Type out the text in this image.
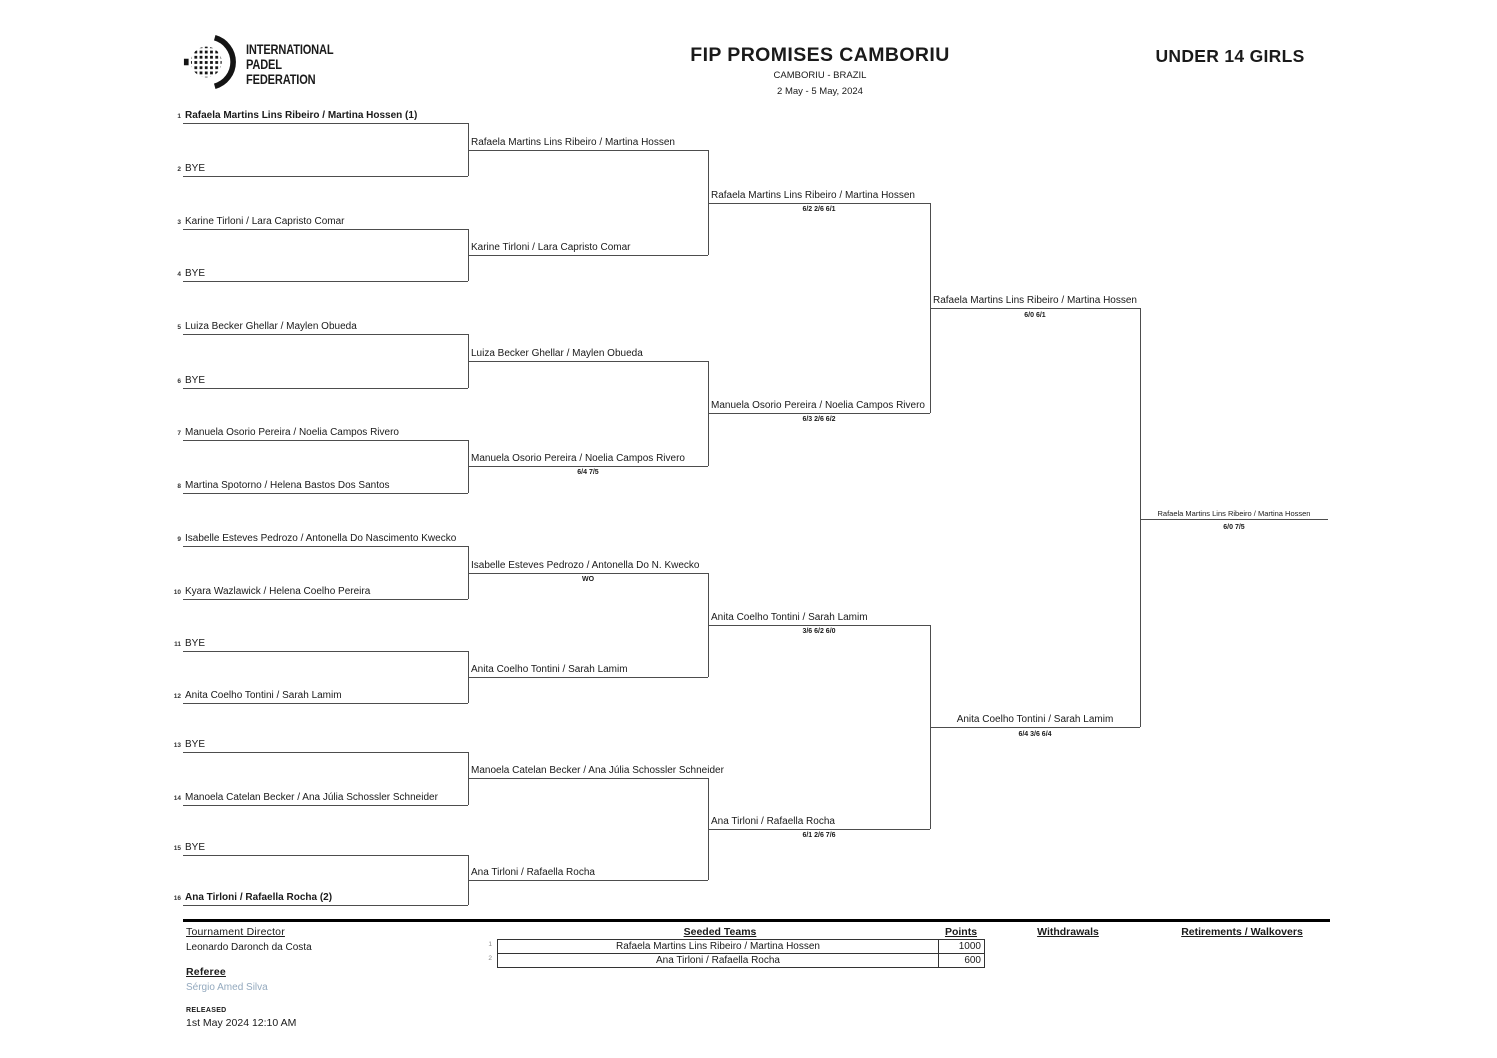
INTERNATIONAL
PADEL
FEDERATION
FIP PROMISES CAMBORIU
CAMBORIU - BRAZIL
2 May - 5 May, 2024
UNDER 14 GIRLS
1 Rafaela Martins Lins Ribeiro / Martina Hossen (1)
2 BYE
3 Karine Tirloni / Lara Capristo Comar
4 BYE
5 Luiza Becker Ghellar / Maylen Obueda
6 BYE
7 Manuela Osorio Pereira / Noelia Campos Rivero
8 Martina Spotorno / Helena Bastos Dos Santos
9 Isabelle Esteves Pedrozo / Antonella Do Nascimento Kwecko
10 Kyara Wazlawick / Helena Coelho Pereira
11 BYE
12 Anita Coelho Tontini / Sarah Lamim
13 BYE
14 Manoela Catelan Becker / Ana Júlia Schossler Schneider
15 BYE
16 Ana Tirloni / Rafaella Rocha (2)
Rafaela Martins Lins Ribeiro / Martina Hossen
Karine Tirloni / Lara Capristo Comar
Luiza Becker Ghellar / Maylen Obueda
Manuela Osorio Pereira / Noelia Campos Rivero
6/4 7/5
Isabelle Esteves Pedrozo / Antonella Do N. Kwecko
WO
Anita Coelho Tontini / Sarah Lamim
Manoela Catelan Becker / Ana Júlia Schossler Schneider
Ana Tirloni / Rafaella Rocha
Rafaela Martins Lins Ribeiro / Martina Hossen
6/2 2/6 6/1
Manuela Osorio Pereira / Noelia Campos Rivero
6/3 2/6 6/2
Anita Coelho Tontini / Sarah Lamim
3/6 6/2 6/0
Ana Tirloni / Rafaella Rocha
6/1 2/6 7/6
Rafaela Martins Lins Ribeiro / Martina Hossen
6/0 6/1
Anita Coelho Tontini / Sarah Lamim
6/4 3/6 6/4
Rafaela Martins Lins Ribeiro / Martina Hossen
6/0 7/5
Tournament Director
Leonardo Daronch da Costa
Referee
Sérgio Amed Silva
RELEASED
1st May 2024 12:10 AM
Seeded Teams	Points
1	Rafaela Martins Lins Ribeiro / Martina Hossen	1000
2	Ana Tirloni / Rafaella Rocha	600
Withdrawals	Retirements / Walkovers
